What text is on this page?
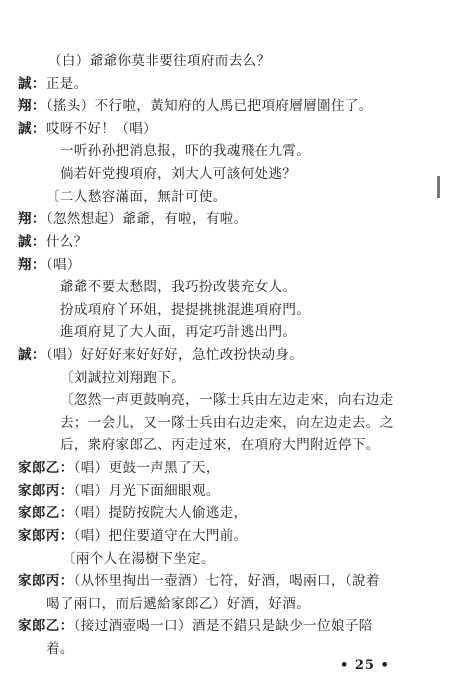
（白）爺爺你莫非要往項府而去么？
誠：正是。
翔：（搖头）不行啦，黃知府的人馬已把項府層層圍住了。
誠：哎呀不好！（唱）
一听孙孙把消息报，吓的我魂飛在九霄。
倘若奸党搜項府，刘大人可該何处逃？
〔二人愁容滿面，無計可使。
翔：（忽然想起）爺爺，有啦，有啦。
誠：什么？
翔：（唱）
爺爺不要太愁悶，我巧扮改裝充女人。
扮成項府丫环姐，提提挑挑混進項府門。
進項府見了大人面，再定巧計逃出門。
誠：（唱）好好好来好好好，急忙改扮快动身。
〔刘誠拉刘翔跑下。
〔忽然一声更鼓响亮，一隊士兵由左边走來，向右边走
去；一会儿，又一隊士兵由右边走來，向左边走去。之
后，衆府家郎乙、丙走过來，在項府大門附近停下。
家郎乙：（唱）更鼓一声黑了天，
家郎丙：（唱）月光下面細眼观。
家郎乙：（唱）提防按院大人偷逃走，
家郎丙：（唱）把住要道守在大門前。
〔兩个人在湯樹下坐定。
家郎丙：（从怀里掏出一壺酒）七符，好酒，喝兩口，（說着
喝了兩口，而后遞給家郎乙）好酒，好酒。
家郎乙：（接过酒壺喝一口）酒是不錯只是缺少一位娘子陪
着。
• 25 •
